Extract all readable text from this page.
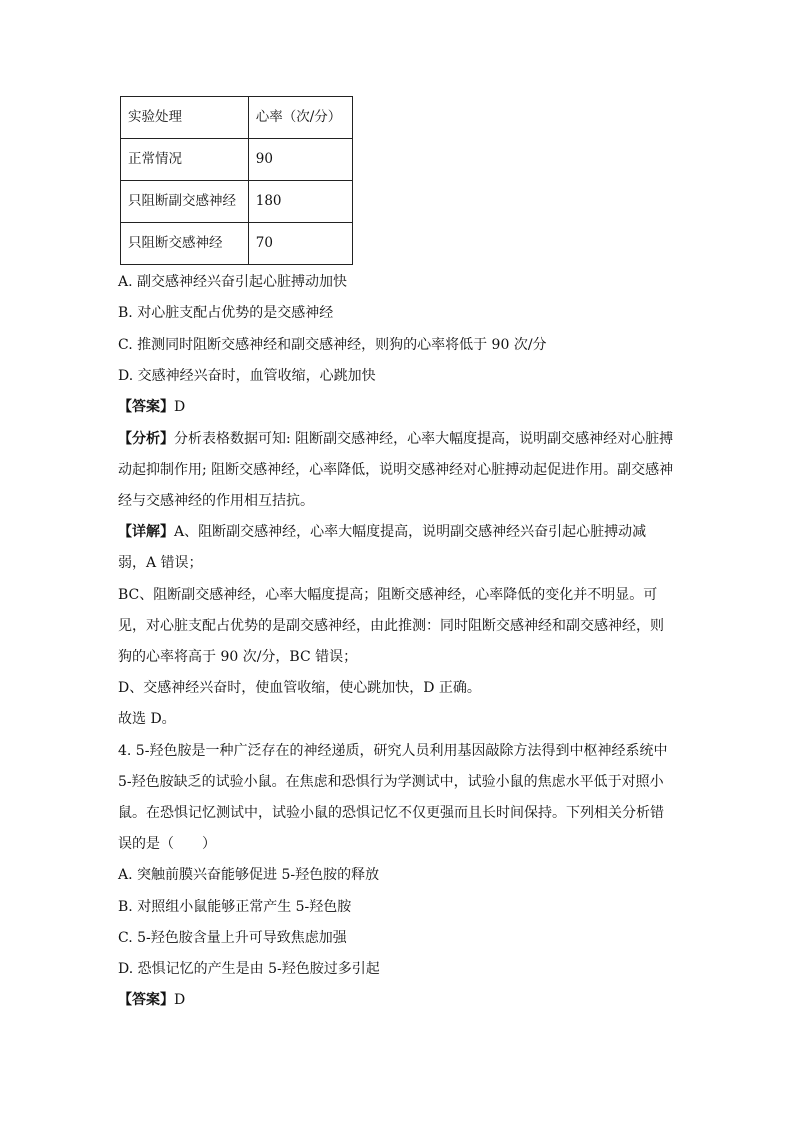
实验处理	心率（次/分）
正常情况	90
只阻断副交感神经	180
只阻断交感神经	70
A. 副交感神经兴奋引起心脏搏动加快
B. 对心脏支配占优势的是交感神经
C. 推测同时阻断交感神经和副交感神经，则狗的心率将低于 90 次/分
D. 交感神经兴奋时，血管收缩，心跳加快
【答案】D
【分析】分析表格数据可知: 阻断副交感神经，心率大幅度提高，说明副交感神经对心脏搏
动起抑制作用; 阻断交感神经，心率降低，说明交感神经对心脏搏动起促进作用。副交感神
经与交感神经的作用相互拮抗。
【详解】A、阻断副交感神经，心率大幅度提高，说明副交感神经兴奋引起心脏搏动减
弱，A 错误；
BC、阻断副交感神经，心率大幅度提高；阻断交感神经，心率降低的变化并不明显。可
见，对心脏支配占优势的是副交感神经，由此推测：同时阻断交感神经和副交感神经，则
狗的心率将高于 90 次/分，BC 错误；
D、交感神经兴奋时，使血管收缩，使心跳加快，D 正确。
故选 D。
4. 5-羟色胺是一种广泛存在的神经递质，研究人员利用基因敲除方法得到中枢神经系统中
5-羟色胺缺乏的试验小鼠。在焦虑和恐惧行为学测试中，试验小鼠的焦虑水平低于对照小
鼠。在恐惧记忆测试中，试验小鼠的恐惧记忆不仅更强而且长时间保持。下列相关分析错
误的是（　　）
A. 突触前膜兴奋能够促进 5-羟色胺的释放
B. 对照组小鼠能够正常产生 5-羟色胺
C. 5-羟色胺含量上升可导致焦虑加强
D. 恐惧记忆的产生是由 5-羟色胺过多引起
【答案】D
